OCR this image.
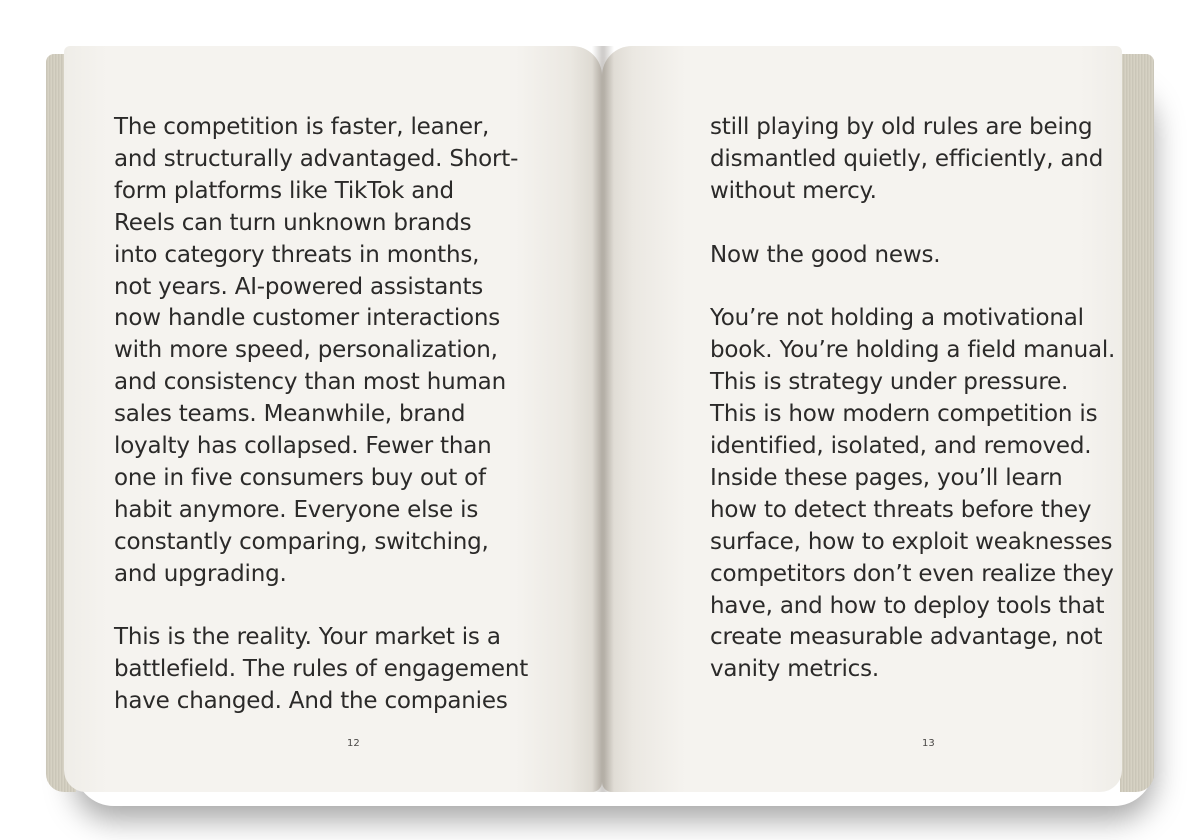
The competition is faster, leaner,

and structurally advantaged. Short-

form platforms like TikTok and

Reels can turn unknown brands

into category threats in months,

not years. AI-powered assistants

now handle customer interactions

with more speed, personalization,

and consistency than most human

sales teams. Meanwhile, brand

loyalty has collapsed. Fewer than

one in five consumers buy out of

habit anymore. Everyone else is

constantly comparing, switching,

and upgrading.

This is the reality. Your market is a

battlefield. The rules of engagement

have changed. And the companies

12

still playing by old rules are being

dismantled quietly, efficiently, and

without mercy.

Now the good news.

You’re not holding a motivational

book. You’re holding a field manual.

This is strategy under pressure.

This is how modern competition is

identified, isolated, and removed.

Inside these pages, you’ll learn

how to detect threats before they

surface, how to exploit weaknesses

competitors don’t even realize they

have, and how to deploy tools that

create measurable advantage, not

vanity metrics.

13
